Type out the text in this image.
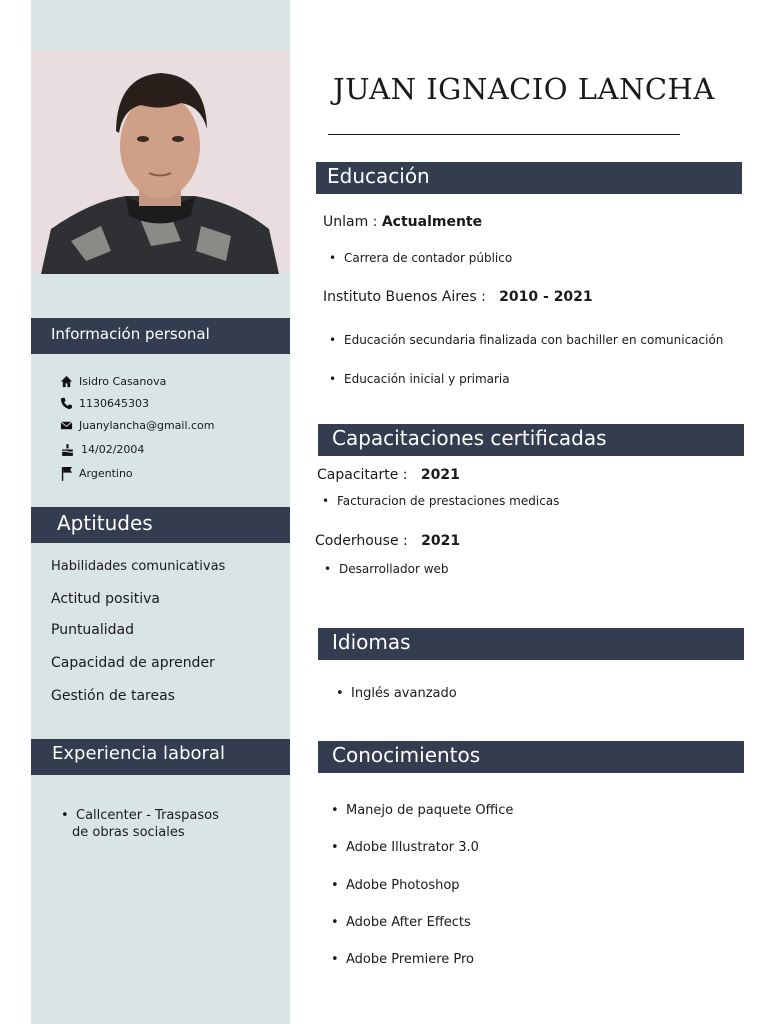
Información personal
Isidro Casanova
1130645303
Juanylancha@gmail.com
14/02/2004
Argentino
Aptitudes
Habilidades comunicativas
Actitud positiva
Puntualidad
Capacidad de aprender
Gestión de tareas
Experiencia laboral
• Callcenter - Traspasos
de obras sociales
JUAN IGNACIO LANCHA
Educación
Unlam : Actualmente
• Carrera de contador público
Instituto Buenos Aires : 2010 - 2021
• Educación secundaria finalizada con bachiller en comunicación
• Educación inicial y primaria
Capacitaciones certificadas
Capacitarte : 2021
• Facturacion de prestaciones medicas
Coderhouse : 2021
• Desarrollador web
Idiomas
• Inglés avanzado
Conocimientos
• Manejo de paquete Office
• Adobe Illustrator 3.0
• Adobe Photoshop
• Adobe After Effects
• Adobe Premiere Pro
